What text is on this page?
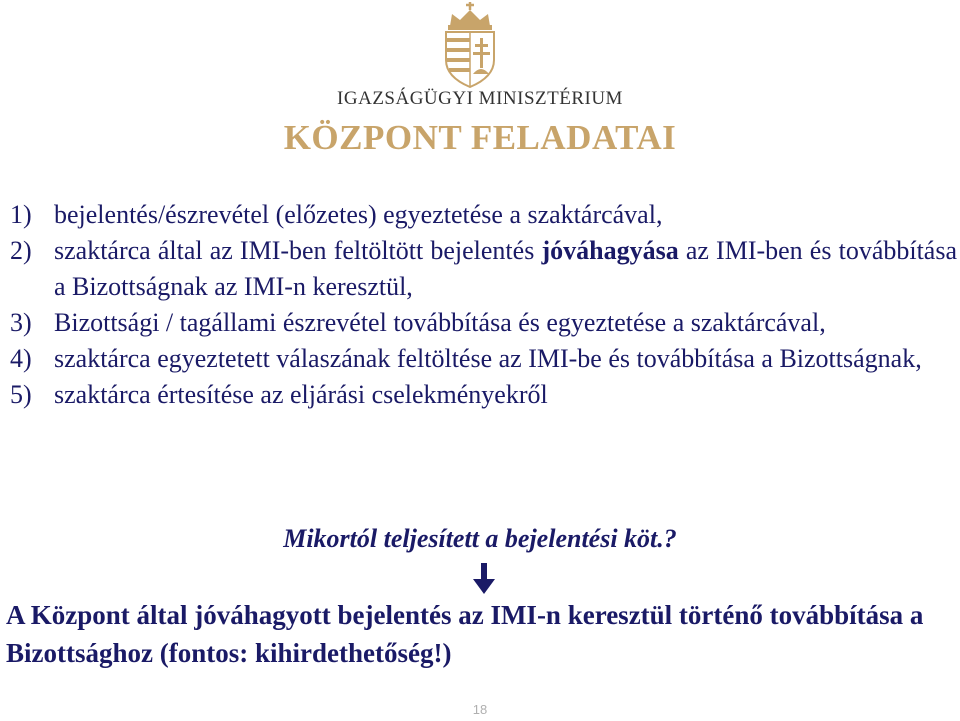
IGAZSÁGÜGYI MINISZTÉRIUM
KÖZPONT FELADATAI
1) bejelentés/észrevétel (előzetes) egyeztetése a szaktárcával,
2) szaktárca által az IMI-ben feltöltött bejelentés jóváhagyása az IMI-ben és továbbítása a Bizottságnak az IMI-n keresztül,
3) Bizottsági / tagállami észrevétel továbbítása és egyeztetése a szaktárcával,
4) szaktárca egyeztetett válaszának feltöltése az IMI-be és továbbítása a Bizottságnak,
5) szaktárca értesítése az eljárási cselekményekről
Mikortól teljesített a bejelentési köt.?
A Központ által jóváhagyott bejelentés az IMI-n keresztül történő továbbítása a Bizottsághoz (fontos: kihirdethetőség!)
18
